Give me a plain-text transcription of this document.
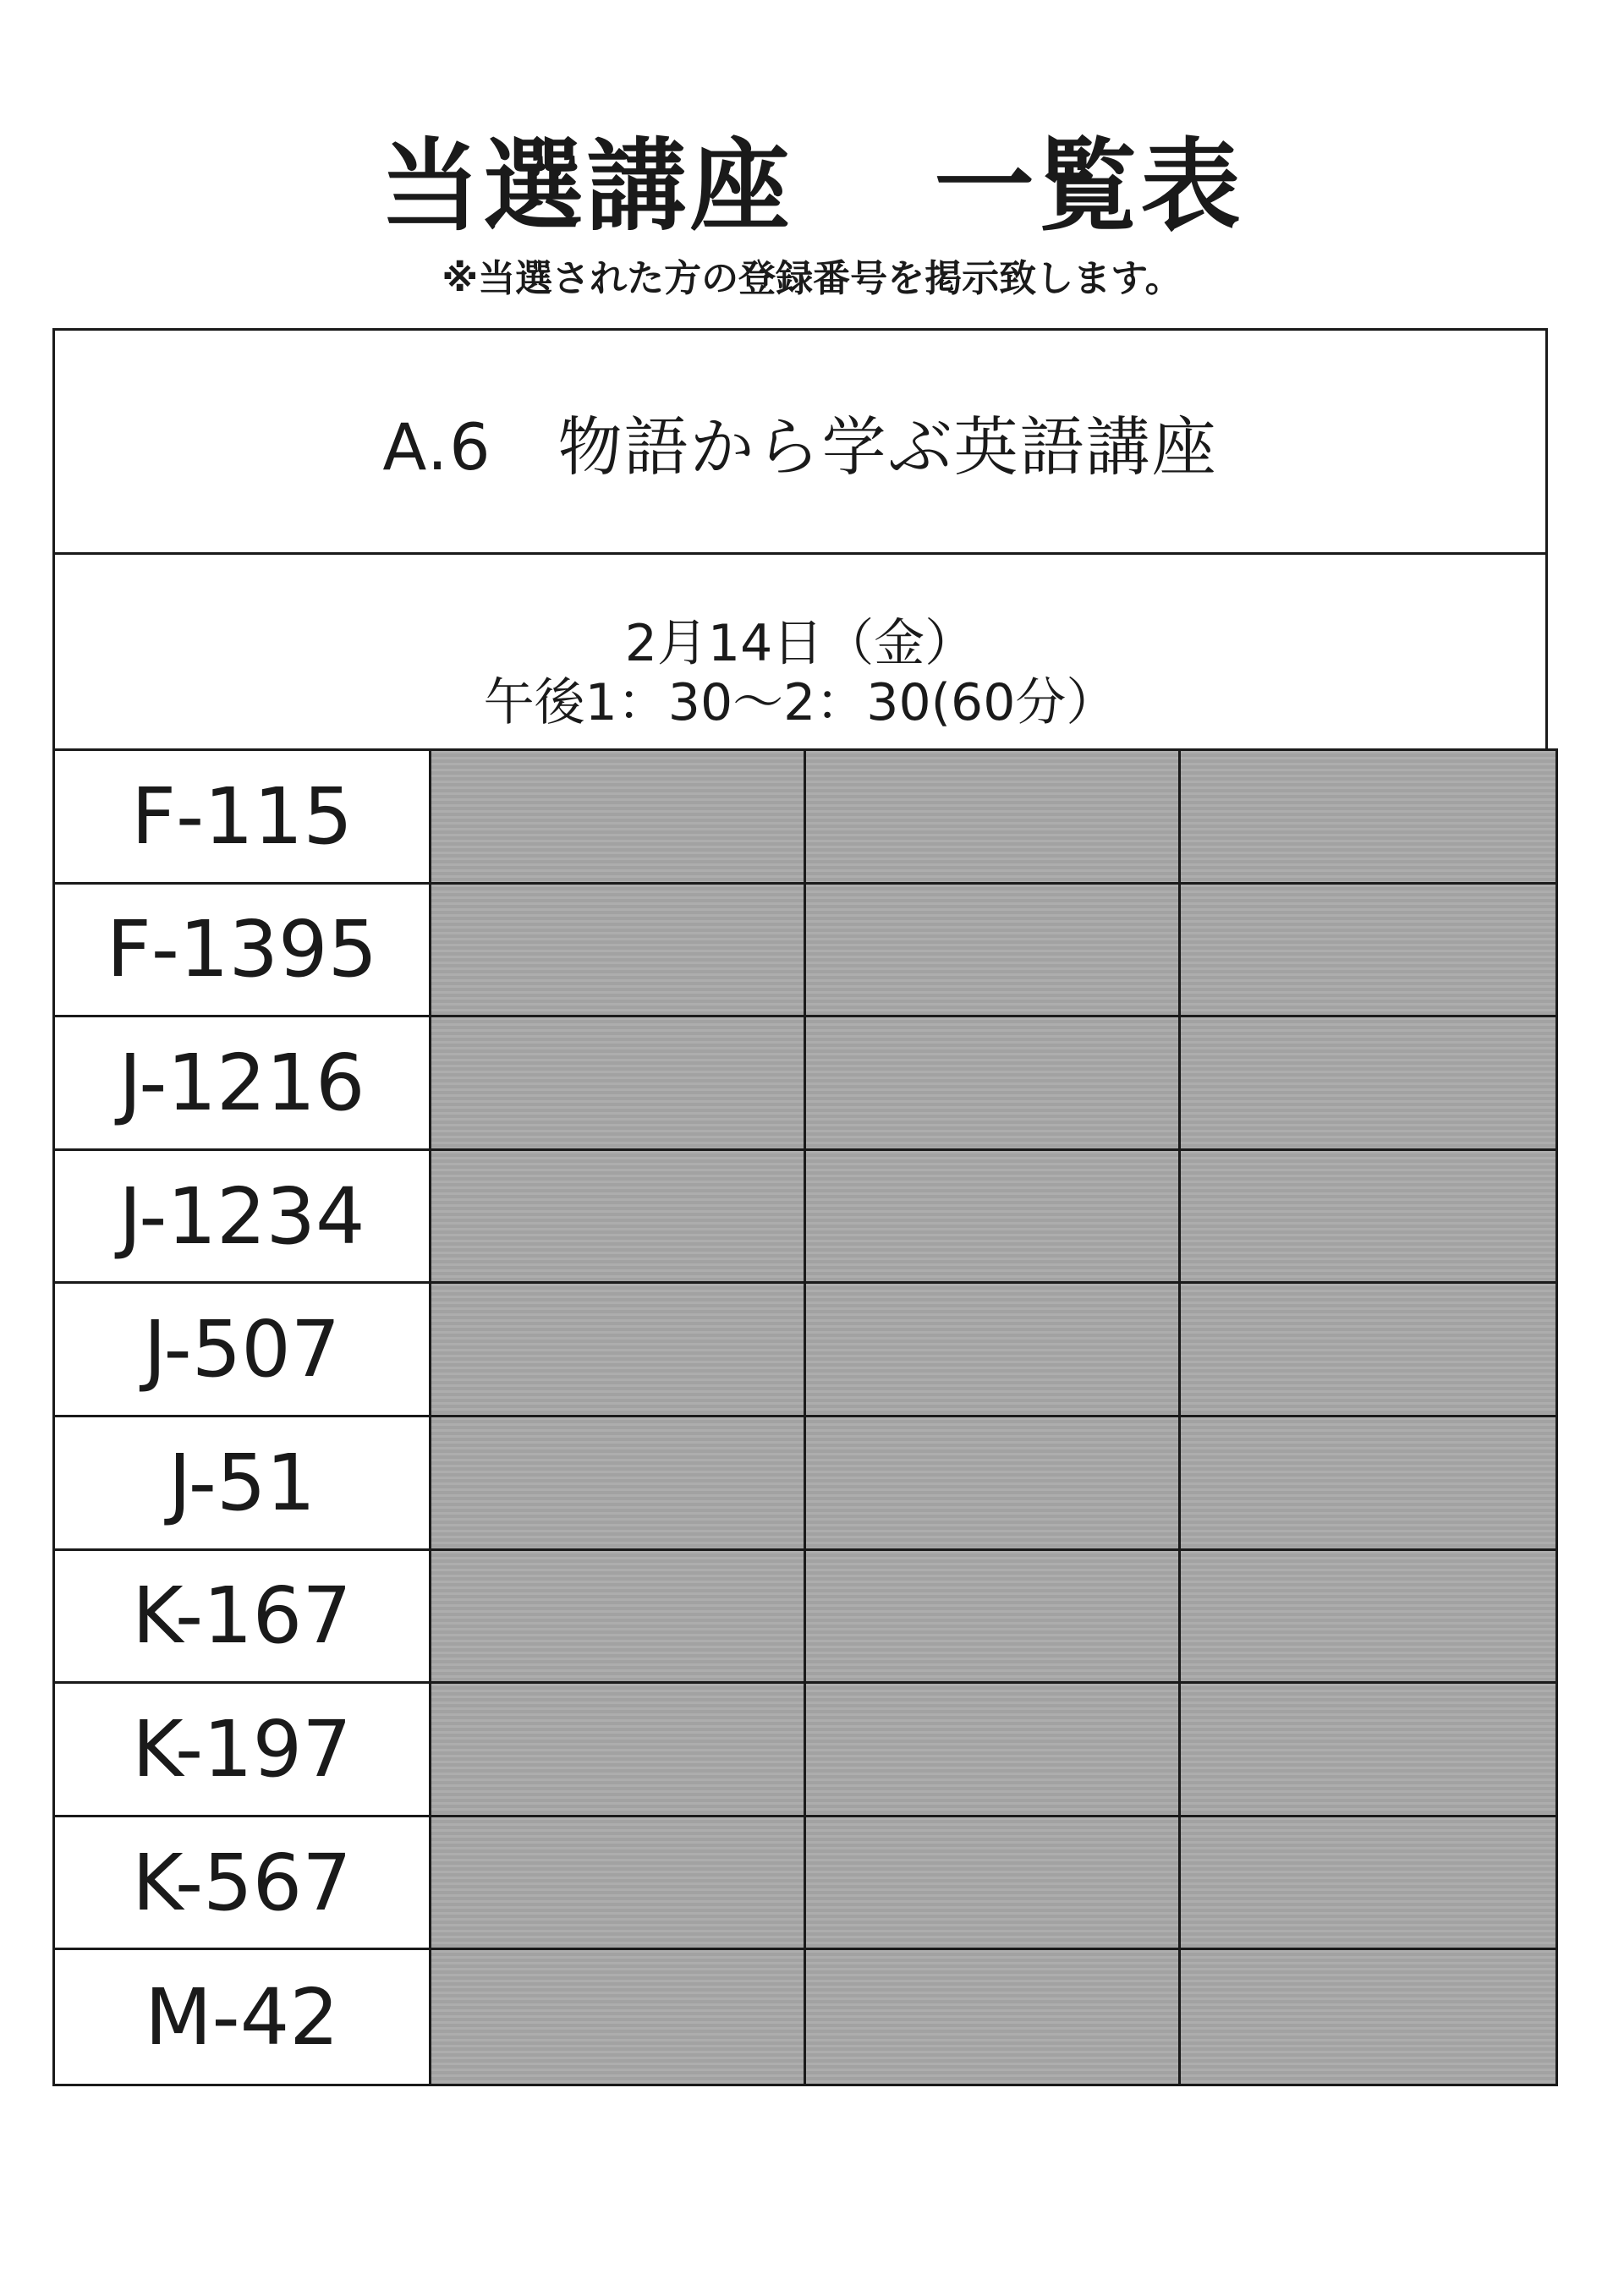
当選講座　 一覧表
※当選された方の登録番号を掲示致します。
A.6　物語から学ぶ英語講座
2月14日（金）
午後1：30～2：30(60分）
F-115
F-1395
J-1216
J-1234
J-507
J-51
K-167
K-197
K-567
M-42
